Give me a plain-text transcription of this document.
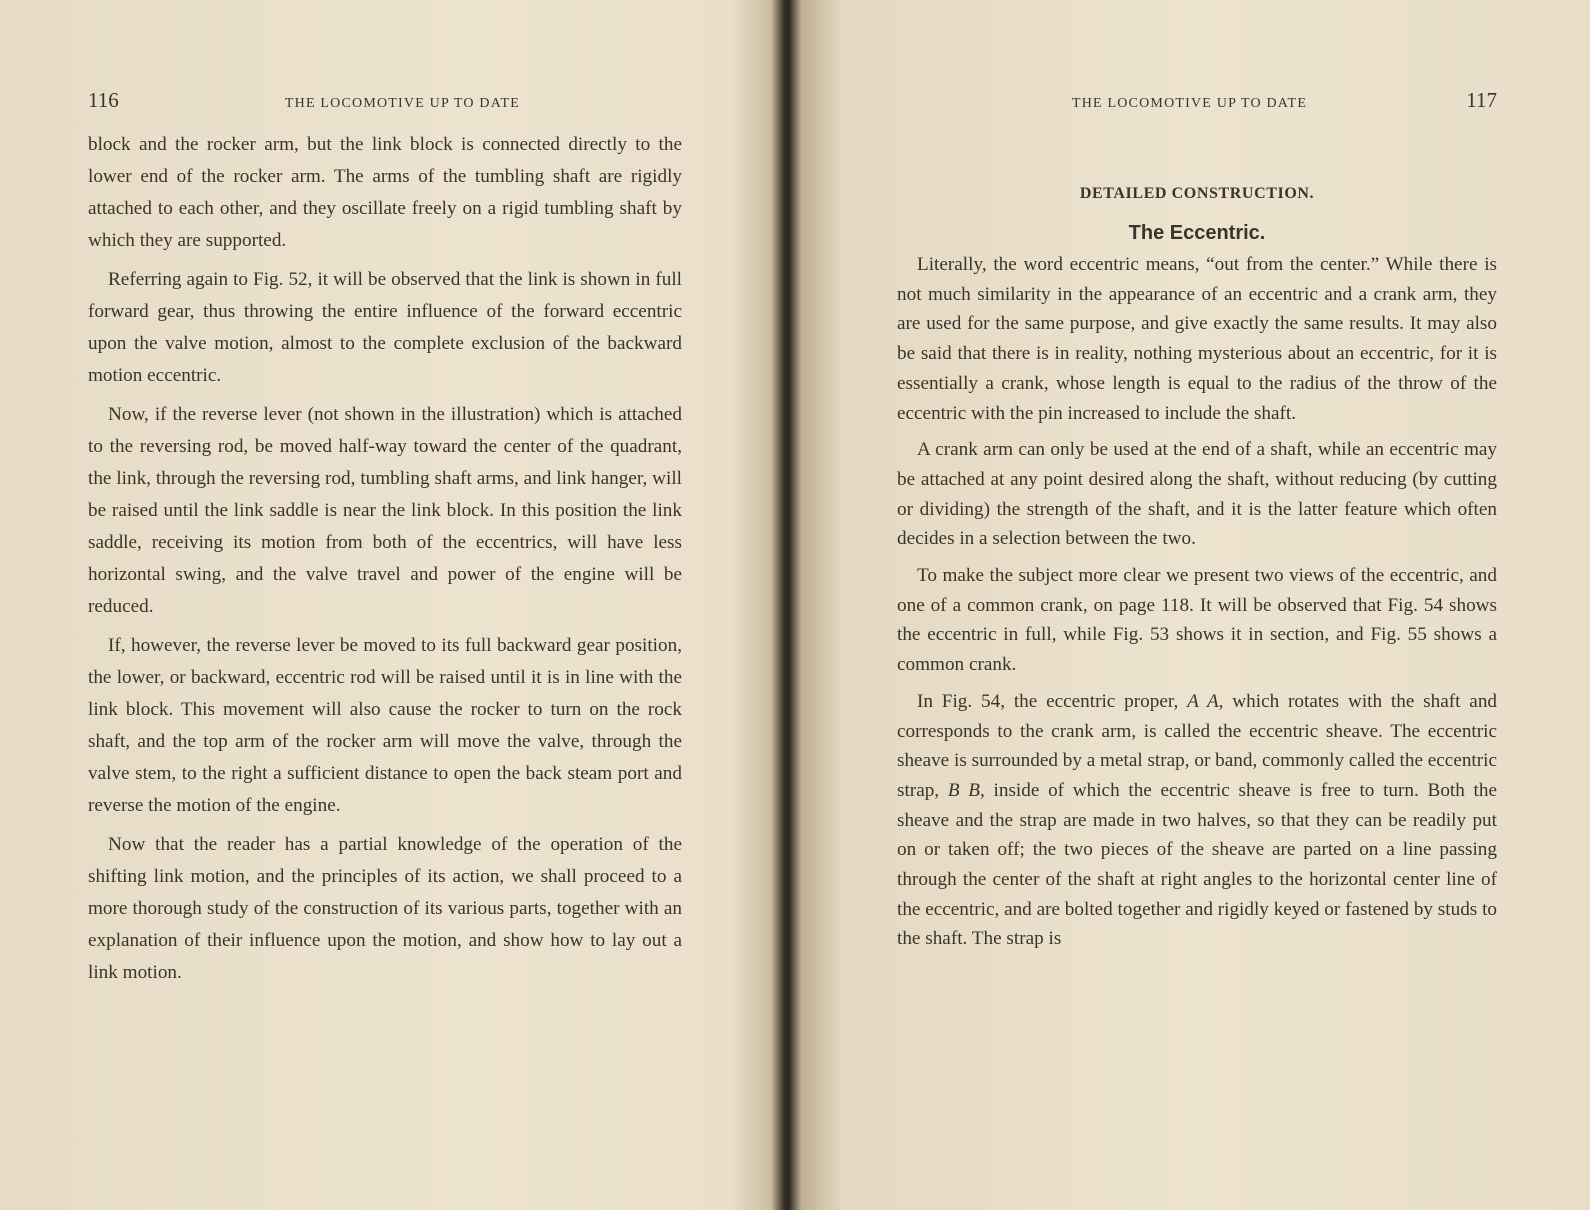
116	THE LOCOMOTIVE UP TO DATE

block and the rocker arm, but the link block is connected directly to the lower end of the rocker arm. The arms of the tumbling shaft are rigidly attached to each other, and they oscillate freely on a rigid tumbling shaft by which they are supported.

Referring again to Fig. 52, it will be observed that the link is shown in full forward gear, thus throwing the entire influence of the forward eccentric upon the valve motion, almost to the complete exclusion of the backward motion eccentric.

Now, if the reverse lever (not shown in the illustration) which is attached to the reversing rod, be moved half-way toward the center of the quadrant, the link, through the reversing rod, tumbling shaft arms, and link hanger, will be raised until the link saddle is near the link block. In this position the link saddle, receiving its motion from both of the eccentrics, will have less horizontal swing, and the valve travel and power of the engine will be reduced.

If, however, the reverse lever be moved to its full backward gear position, the lower, or backward, eccentric rod will be raised until it is in line with the link block. This movement will also cause the rocker to turn on the rock shaft, and the top arm of the rocker arm will move the valve, through the valve stem, to the right a sufficient distance to open the back steam port and reverse the motion of the engine.

Now that the reader has a partial knowledge of the operation of the shifting link motion, and the principles of its action, we shall proceed to a more thorough study of the construction of its various parts, together with an explanation of their influence upon the motion, and show how to lay out a link motion.

THE LOCOMOTIVE UP TO DATE	117
DETAILED CONSTRUCTION.
The Eccentric.

Literally, the word eccentric means, “out from the center.” While there is not much similarity in the appearance of an eccentric and a crank arm, they are used for the same purpose, and give exactly the same results. It may also be said that there is in reality, nothing mysterious about an eccentric, for it is essentially a crank, whose length is equal to the radius of the throw of the eccentric with the pin increased to include the shaft.

A crank arm can only be used at the end of a shaft, while an eccentric may be attached at any point desired along the shaft, without reducing (by cutting or dividing) the strength of the shaft, and it is the latter feature which often decides in a selection between the two.

To make the subject more clear we present two views of the eccentric, and one of a common crank, on page 118. It will be observed that Fig. 54 shows the eccentric in full, while Fig. 53 shows it in section, and Fig. 55 shows a common crank.

In Fig. 54, the eccentric proper, A A, which rotates with the shaft and corresponds to the crank arm, is called the eccentric sheave. The eccentric sheave is surrounded by a metal strap, or band, commonly called the eccentric strap, B B, inside of which the eccentric sheave is free to turn. Both the sheave and the strap are made in two halves, so that they can be readily put on or taken off; the two pieces of the sheave are parted on a line passing through the center of the shaft at right angles to the horizontal center line of the eccentric, and are bolted together and rigidly keyed or fastened by studs to the shaft. The strap is
